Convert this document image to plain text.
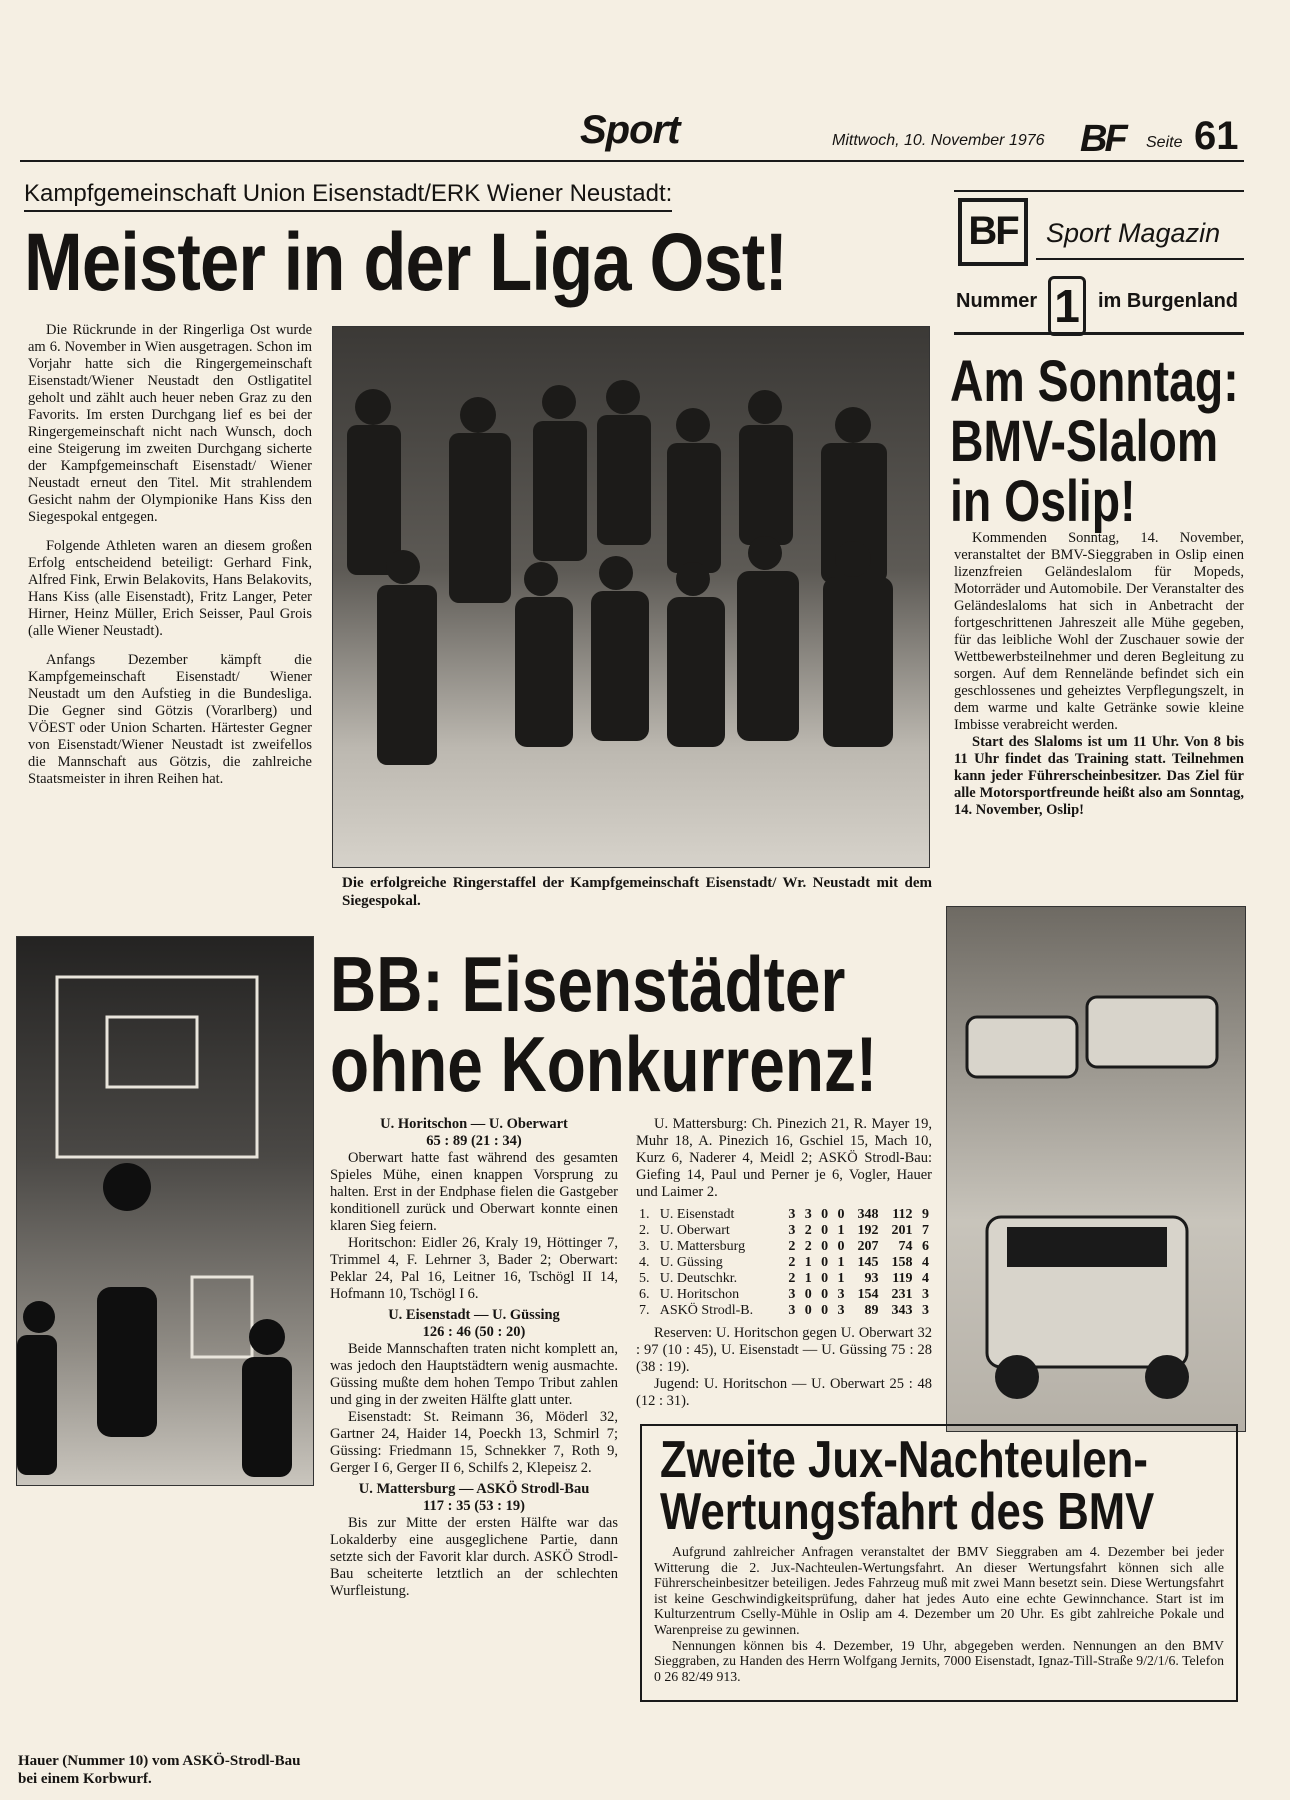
Sport	Mittwoch, 10. November 1976 BF Seite 61
Kampfgemeinschaft Union Eisenstadt/ERK Wiener Neustadt:
Meister in der Liga Ost!

Die Rückrunde in der Ringerliga Ost wurde am 6. November in Wien ausgetragen. Schon im Vorjahr hatte sich die Ringergemeinschaft Eisenstadt/Wiener Neustadt den Ostligatitel geholt und zählt auch heuer neben Graz zu den Favorits. Im ersten Durchgang lief es bei der Ringergemeinschaft nicht nach Wunsch, doch eine Steigerung im zweiten Durchgang sicherte der Kampfgemeinschaft Eisenstadt/ Wiener Neustadt erneut den Titel. Mit strahlendem Gesicht nahm der Olympionike Hans Kiss den Siegespokal entgegen.

Folgende Athleten waren an diesem großen Erfolg entscheidend beteiligt: Gerhard Fink, Alfred Fink, Erwin Belakovits, Hans Belakovits, Hans Kiss (alle Eisenstadt), Fritz Langer, Peter Hirner, Heinz Müller, Erich Seisser, Paul Grois (alle Wiener Neustadt).

Anfangs Dezember kämpft die Kampfgemeinschaft Eisenstadt/ Wiener Neustadt um den Aufstieg in die Bundesliga. Die Gegner sind Götzis (Vorarlberg) und VÖEST oder Union Scharten. Härtester Gegner von Eisenstadt/Wiener Neustadt ist zweifellos die Mannschaft aus Götzis, die zahlreiche Staatsmeister in ihren Reihen hat.

Die erfolgreiche Ringerstaffel der Kampfgemeinschaft Eisenstadt/ Wr. Neustadt mit dem Siegespokal.
BF	Sport Magazin
Nummer 1 im Burgenland
Am Sonntag:
BMV-Slalom
in Oslip!

Kommenden Sonntag, 14. November, veranstaltet der BMV-Sieggraben in Oslip einen lizenzfreien Geländeslalom für Mopeds, Motorräder und Automobile. Der Veranstalter des Geländeslaloms hat sich in Anbetracht der fortgeschrittenen Jahreszeit alle Mühe gegeben, für das leibliche Wohl der Zuschauer sowie der Wettbewerbsteilnehmer und deren Begleitung zu sorgen. Auf dem Rennelände befindet sich ein geschlossenes und geheiztes Verpflegungszelt, in dem warme und kalte Getränke sowie kleine Imbisse verabreicht werden.

Start des Slaloms ist um 11 Uhr. Von 8 bis 11 Uhr findet das Training statt. Teilnehmen kann jeder Führerscheinbesitzer. Das Ziel für alle Motorsportfreunde heißt also am Sonntag, 14. November, Oslip!

Hauer (Nummer 10) vom ASKÖ-Strodl-Bau bei einem Korbwurf.
BB: Eisenstädter
ohne Konkurrenz!

U. Horitschon — U. Oberwart

65 : 89 (21 : 34)

Oberwart hatte fast während des gesamten Spieles Mühe, einen knappen Vorsprung zu halten. Erst in der Endphase fielen die Gastgeber konditionell zurück und Oberwart konnte einen klaren Sieg feiern.

Horitschon: Eidler 26, Kraly 19, Höttinger 7, Trimmel 4, F. Lehrner 3, Bader 2; Oberwart: Peklar 24, Pal 16, Leitner 16, Tschögl II 14, Hofmann 10, Tschögl I 6.

U. Eisenstadt — U. Güssing

126 : 46 (50 : 20)

Beide Mannschaften traten nicht komplett an, was jedoch den Hauptstädtern wenig ausmachte. Güssing mußte dem hohen Tempo Tribut zahlen und ging in der zweiten Hälfte glatt unter.

Eisenstadt: St. Reimann 36, Möderl 32, Gartner 24, Haider 14, Poeckh 13, Schmirl 7; Güssing: Friedmann 15, Schnekker 7, Roth 9, Gerger I 6, Gerger II 6, Schilfs 2, Klepeisz 2.

U. Mattersburg — ASKÖ Strodl-Bau

117 : 35 (53 : 19)

Bis zur Mitte der ersten Hälfte war das Lokalderby eine ausgeglichene Partie, dann setzte sich der Favorit klar durch. ASKÖ Strodl-Bau scheiterte letztlich an der schlechten Wurfleistung.

U. Mattersburg: Ch. Pinezich 21, R. Mayer 19, Muhr 18, A. Pinezich 16, Gschiel 15, Mach 10, Kurz 6, Naderer 4, Meidl 2; ASKÖ Strodl-Bau: Giefing 14, Paul und Perner je 6, Vogler, Hauer und Laimer 2.

1.	U. Eisenstadt	3	3	0	0	348	112	9
2.	U. Oberwart	3	2	0	1	192	201	7
3.	U. Mattersburg	2	2	0	0	207	74	6
4.	U. Güssing	2	1	0	1	145	158	4
5.	U. Deutschkr.	2	1	0	1	93	119	4
6.	U. Horitschon	3	0	0	3	154	231	3
7.	ASKÖ Strodl-B.	3	0	0	3	89	343	3

Reserven: U. Horitschon gegen U. Oberwart 32 : 97 (10 : 45), U. Eisenstadt — U. Güssing 75 : 28 (38 : 19).

Jugend: U. Horitschon — U. Oberwart 25 : 48 (12 : 31).

Zweite Jux-Nachteulen-
Wertungsfahrt des BMV

Aufgrund zahlreicher Anfragen veranstaltet der BMV Sieggraben am 4. Dezember bei jeder Witterung die 2. Jux-Nachteulen-Wertungsfahrt. An dieser Wertungsfahrt können sich alle Führerscheinbesitzer beteiligen. Jedes Fahrzeug muß mit zwei Mann besetzt sein. Diese Wertungsfahrt ist keine Geschwindigkeitsprüfung, daher hat jedes Auto eine echte Gewinnchance. Start ist im Kulturzentrum Cselly-Mühle in Oslip am 4. Dezember um 20 Uhr. Es gibt zahlreiche Pokale und Warenpreise zu gewinnen.

Nennungen können bis 4. Dezember, 19 Uhr, abgegeben werden. Nennungen an den BMV Sieggraben, zu Handen des Herrn Wolfgang Jernits, 7000 Eisenstadt, Ignaz-Till-Straße 9/2/1/6. Telefon 0 26 82/49 913.
